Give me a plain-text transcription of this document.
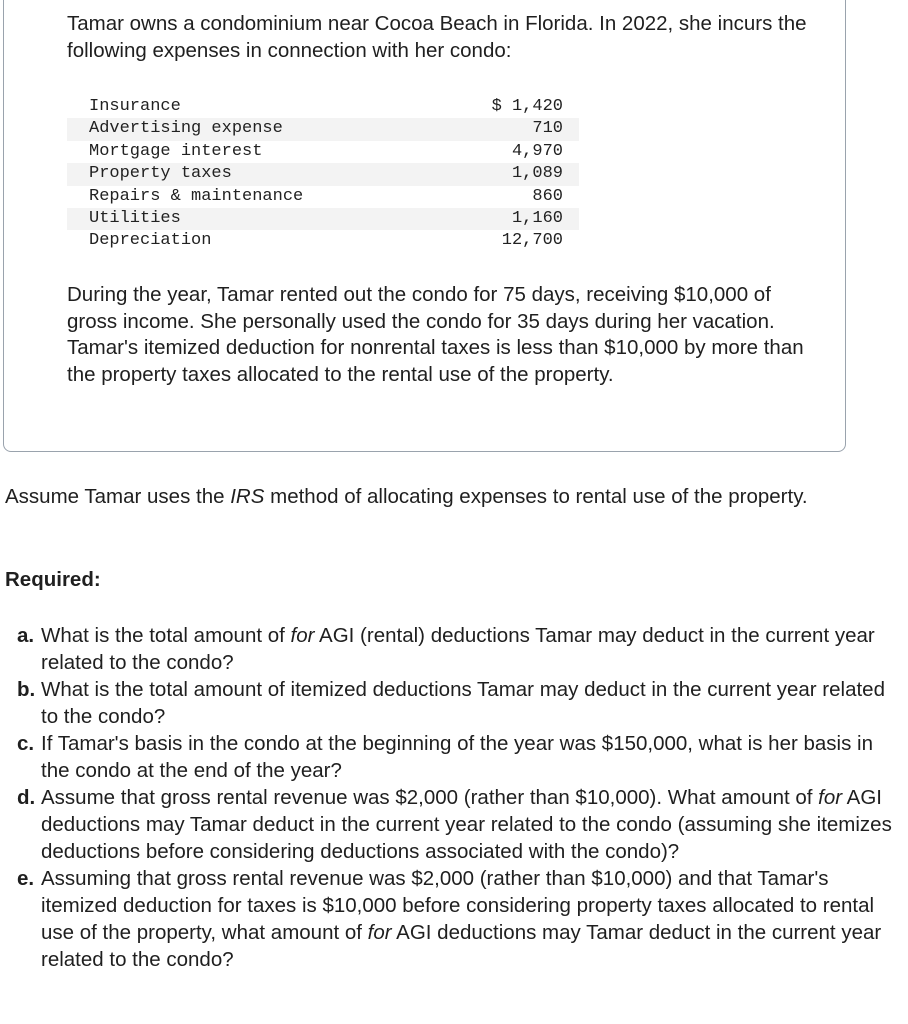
Tamar owns a condominium near Cocoa Beach in Florida. In 2022, she incurs the following expenses in connection with her condo:

Insurance	$ 1,420
Advertising expense	710
Mortgage interest	4,970
Property taxes	1,089
Repairs & maintenance	860
Utilities	1,160
Depreciation	12,700

During the year, Tamar rented out the condo for 75 days, receiving $10,000 of gross income. She personally used the condo for 35 days during her vacation. Tamar's itemized deduction for nonrental taxes is less than $10,000 by more than the property taxes allocated to the rental use of the property.

Assume Tamar uses the IRS method of allocating expenses to rental use of the property.

Required:

a. What is the total amount of for AGI (rental) deductions Tamar may deduct in the current year related to the condo?
b. What is the total amount of itemized deductions Tamar may deduct in the current year related to the condo?
c. If Tamar's basis in the condo at the beginning of the year was $150,000, what is her basis in the condo at the end of the year?
d. Assume that gross rental revenue was $2,000 (rather than $10,000). What amount of for AGI deductions may Tamar deduct in the current year related to the condo (assuming she itemizes deductions before considering deductions associated with the condo)?
e. Assuming that gross rental revenue was $2,000 (rather than $10,000) and that Tamar's itemized deduction for taxes is $10,000 before considering property taxes allocated to rental use of the property, what amount of for AGI deductions may Tamar deduct in the current year related to the condo?
